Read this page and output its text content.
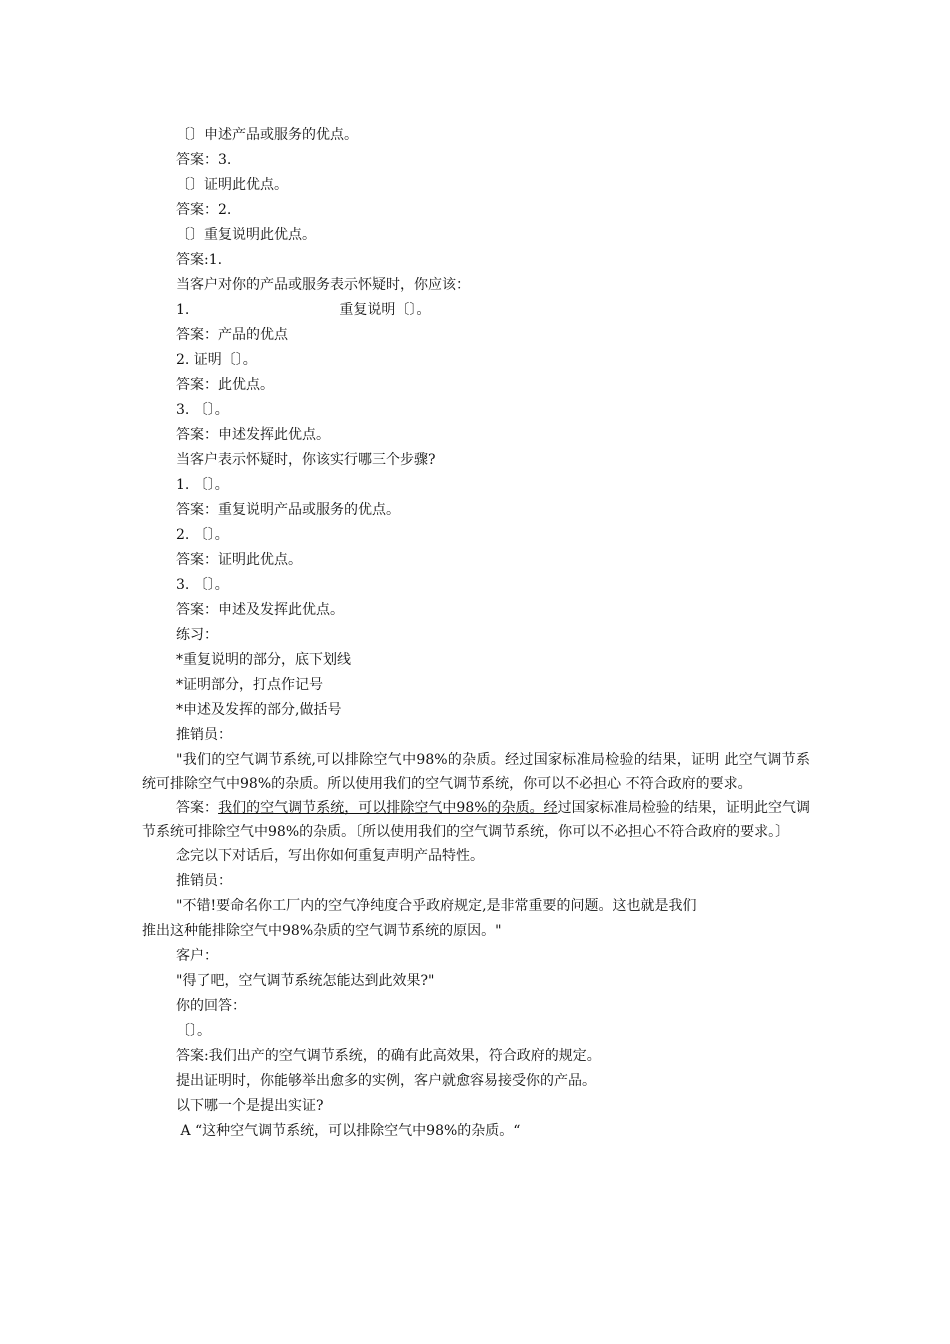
〔〕申述产品或服务的优点。
答案：3.
〔〕证明此优点。
答案：2.
〔〕重复说明此优点。
答案:1.
当客户对你的产品或服务表示怀疑时，你应该：
1.	重复说明〔〕。
答案：产品的优点
2. 证明〔〕。
答案：此优点。
3. 〔〕。
答案：申述发挥此优点。
当客户表示怀疑时，你该实行哪三个步骤?
1. 〔〕。
答案：重复说明产品或服务的优点。
2. 〔〕。
答案：证明此优点。
3. 〔〕。
答案：申述及发挥此优点。
练习：
*重复说明的部分，底下划线
*证明部分，打点作记号
*申述及发挥的部分,做括号
推销员：

"我们的空气调节系统,可以排除空气中98%的杂质。经过国家标准局检验的结果，证明 此空气调节系统可排除空气中98%的杂质。所以使用我们的空气调节系统，你可以不必担心 不符合政府的要求。

答案：我们的空气调节系统，可以排除空气中98%的杂质。经过国家标准局检验的结果，证明此空气调节系统可排除空气中98%的杂质。〔所以使用我们的空气调节系统，你可以不必担心不符合政府的要求。〕

念完以下对话后，写出你如何重复声明产品特性。
推销员：
"不错!要命名你工厂内的空气净纯度合乎政府规定,是非常重要的问题。这也就是我们
推出这种能排除空气中98%杂质的空气调节系统的原因。"
客户：
"得了吧，空气调节系统怎能达到此效果?"
你的回答：
〔〕。
答案:我们出产的空气调节系统，的确有此高效果，符合政府的规定。
提出证明时，你能够举出愈多的实例，客户就愈容易接受你的产品。
以下哪一个是提出实证?
A “这种空气调节系统，可以排除空气中98%的杂质。“
